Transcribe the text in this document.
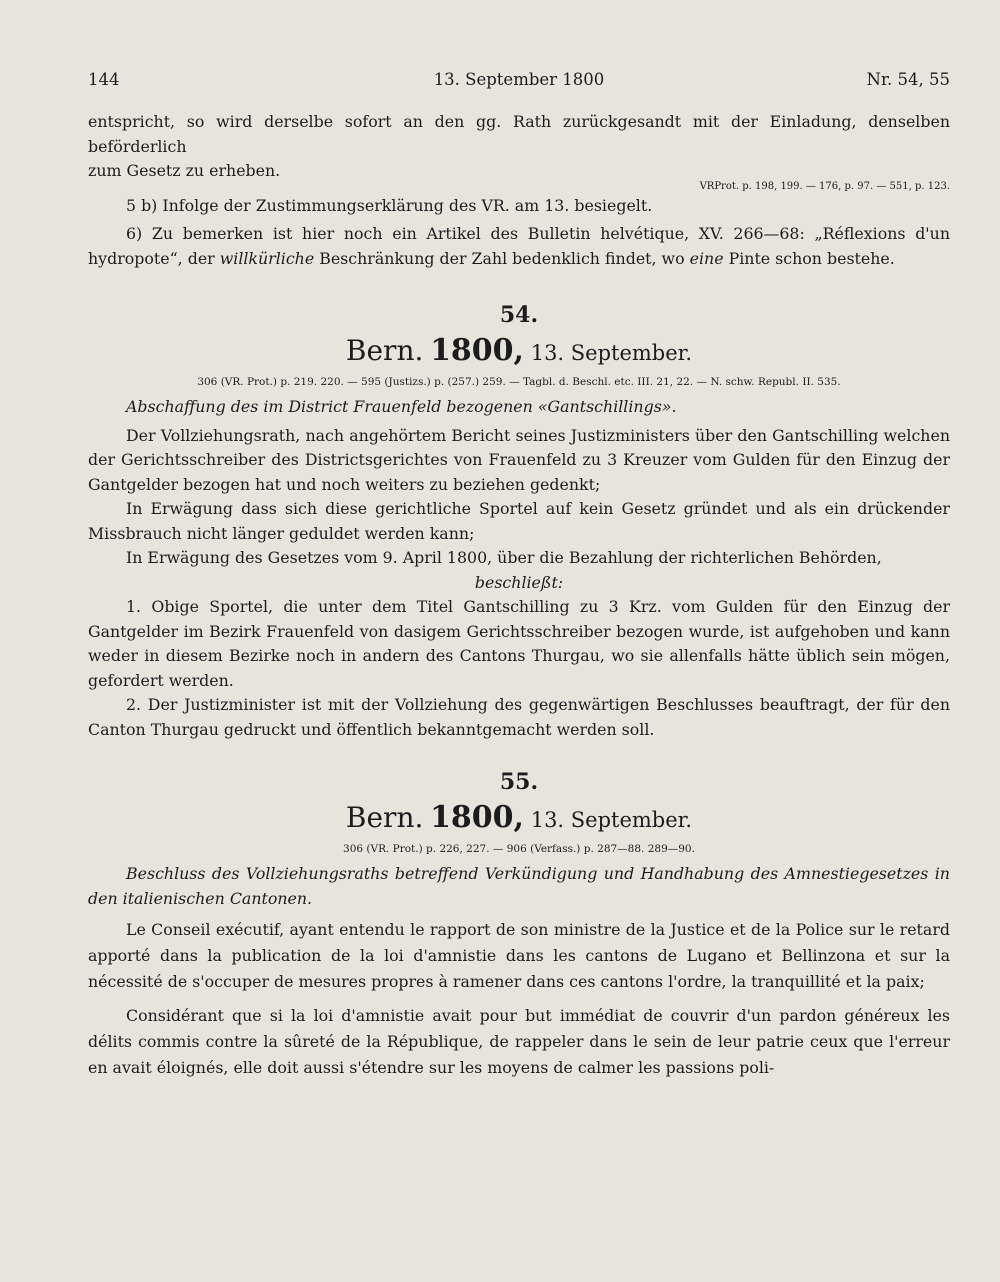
144	13. September 1800	Nr. 54, 55

entspricht, so wird derselbe sofort an den gg. Rath zurückgesandt mit der Einladung, denselben beförderlich

zum Gesetz zu erheben.

VRProt. p. 198, 199. — 176, p. 97. — 551, p. 123.

5 b) Infolge der Zustimmungserklärung des VR. am 13. besiegelt.

6) Zu bemerken ist hier noch ein Artikel des Bulletin helvétique, XV. 266—68: „Réflexions d'un hydropote“, der willkürliche Beschränkung der Zahl bedenklich findet, wo eine Pinte schon bestehe.

54.
Bern. 1800, 13. September.
306 (VR. Prot.) p. 219. 220. — 595 (Justizs.) p. (257.) 259. — Tagbl. d. Beschl. etc. III. 21, 22. — N. schw. Republ. II. 535.

Abschaffung des im District Frauenfeld bezogenen «Gantschillings».

Der Vollziehungsrath, nach angehörtem Bericht seines Justizministers über den Gantschilling welchen der Gerichtsschreiber des Districtsgerichtes von Frauenfeld zu 3 Kreuzer vom Gulden für den Einzug der Gantgelder bezogen hat und noch weiters zu beziehen gedenkt;

In Erwägung dass sich diese gerichtliche Sportel auf kein Gesetz gründet und als ein drückender Missbrauch nicht länger geduldet werden kann;

In Erwägung des Gesetzes vom 9. April 1800, über die Bezahlung der richterlichen Behörden,

beschließt:

1. Obige Sportel, die unter dem Titel Gantschilling zu 3 Krz. vom Gulden für den Einzug der Gantgelder im Bezirk Frauenfeld von dasigem Gerichtsschreiber bezogen wurde, ist aufgehoben und kann weder in diesem Bezirke noch in andern des Cantons Thurgau, wo sie allenfalls hätte üblich sein mögen, gefordert werden.

2. Der Justizminister ist mit der Vollziehung des gegenwärtigen Beschlusses beauftragt, der für den Canton Thurgau gedruckt und öffentlich bekanntgemacht werden soll.

55.
Bern. 1800, 13. September.
306 (VR. Prot.) p. 226, 227. — 906 (Verfass.) p. 287—88. 289—90.

Beschluss des Vollziehungsraths betreffend Verkündigung und Handhabung des Amnestiegesetzes in den italienischen Cantonen.

Le Conseil exécutif, ayant entendu le rapport de son ministre de la Justice et de la Police sur le retard apporté dans la publication de la loi d'amnistie dans les cantons de Lugano et Bellinzona et sur la nécessité de s'occuper de mesures propres à ramener dans ces cantons l'ordre, la tranquillité et la paix;

Considérant que si la loi d'amnistie avait pour but immédiat de couvrir d'un pardon généreux les délits commis contre la sûreté de la République, de rappeler dans le sein de leur patrie ceux que l'erreur en avait éloignés, elle doit aussi s'étendre sur les moyens de calmer les passions poli-
